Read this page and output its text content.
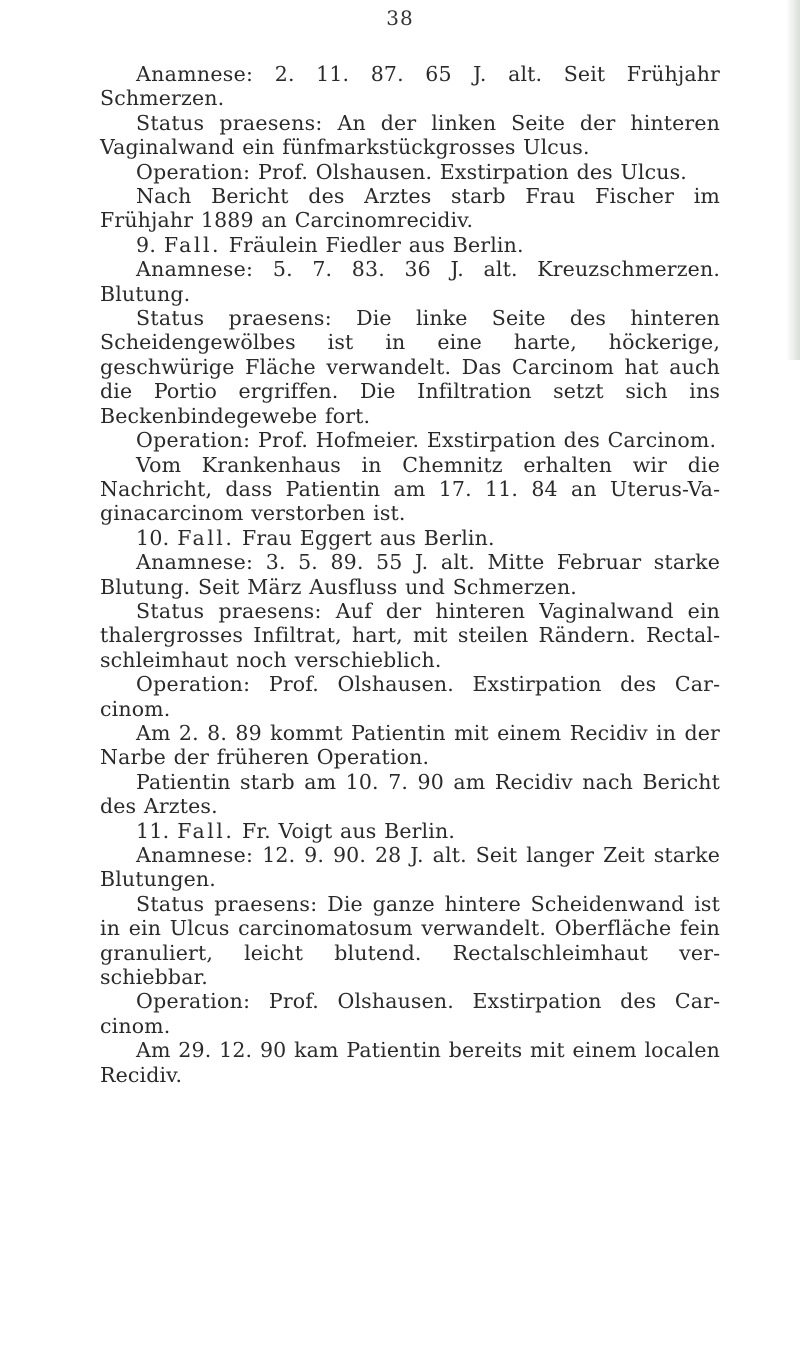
38

Anamnese: 2. 11. 87. 65 J. alt. Seit Frühjahr Schmerzen.

Status praesens: An der linken Seite der hinteren Vaginalwand ein fünfmarkstückgrosses Ulcus.

Operation: Prof. Olshausen. Exstirpation des Ulcus.

Nach Bericht des Arztes starb Frau Fischer im Frühjahr 1889 an Carcinomrecidiv.

9. Fall. Fräulein Fiedler aus Berlin.

Anamnese: 5. 7. 83. 36 J. alt. Kreuzschmerzen. Blutung.

Status praesens: Die linke Seite des hinteren Scheidengewölbes ist in eine harte, höckerige, geschwürige Fläche verwandelt. Das Carcinom hat auch die Portio ergriffen. Die Infiltration setzt sich ins Beckenbindegewebe fort.

Operation: Prof. Hofmeier. Exstirpation des Carcinom.

Vom Krankenhaus in Chemnitz erhalten wir die Nachricht, dass Patientin am 17. 11. 84 an Uterus-Vaginacarcinom verstorben ist.

10. Fall. Frau Eggert aus Berlin.

Anamnese: 3. 5. 89. 55 J. alt. Mitte Februar starke Blutung. Seit März Ausfluss und Schmerzen.

Status praesens: Auf der hinteren Vaginalwand ein thalergrosses Infiltrat, hart, mit steilen Rändern. Rectalschleimhaut noch verschieblich.

Operation: Prof. Olshausen. Exstirpation des Carcinom.

Am 2. 8. 89 kommt Patientin mit einem Recidiv in der Narbe der früheren Operation.

Patientin starb am 10. 7. 90 am Recidiv nach Bericht des Arztes.

11. Fall. Fr. Voigt aus Berlin.

Anamnese: 12. 9. 90. 28 J. alt. Seit langer Zeit starke Blutungen.

Status praesens: Die ganze hintere Scheidenwand ist in ein Ulcus carcinomatosum verwandelt. Oberfläche fein granuliert, leicht blutend. Rectalschleimhaut verschiebbar.

Operation: Prof. Olshausen. Exstirpation des Carcinom.

Am 29. 12. 90 kam Patientin bereits mit einem localen Recidiv.
